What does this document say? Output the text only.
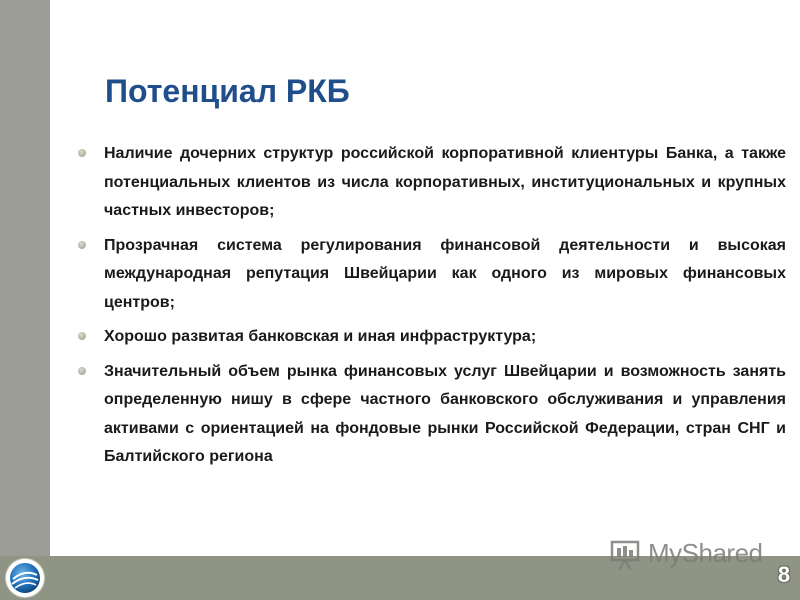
Потенциал РКБ
Наличие дочерних структур российской корпоративной клиентуры Банка, а также потенциальных клиентов из числа корпоративных, институциональных и крупных частных инвесторов;
Прозрачная система регулирования финансовой деятельности и высокая международная репутация Швейцарии как одного из мировых финансовых центров;
Хорошо развитая банковская и иная инфраструктура;
Значительный объем рынка финансовых услуг Швейцарии и возможность занять определенную нишу в сфере частного банковского обслуживания и управления активами с ориентацией на фондовые рынки Российской Федерации, стран СНГ и Балтийского региона
MyShared
8
